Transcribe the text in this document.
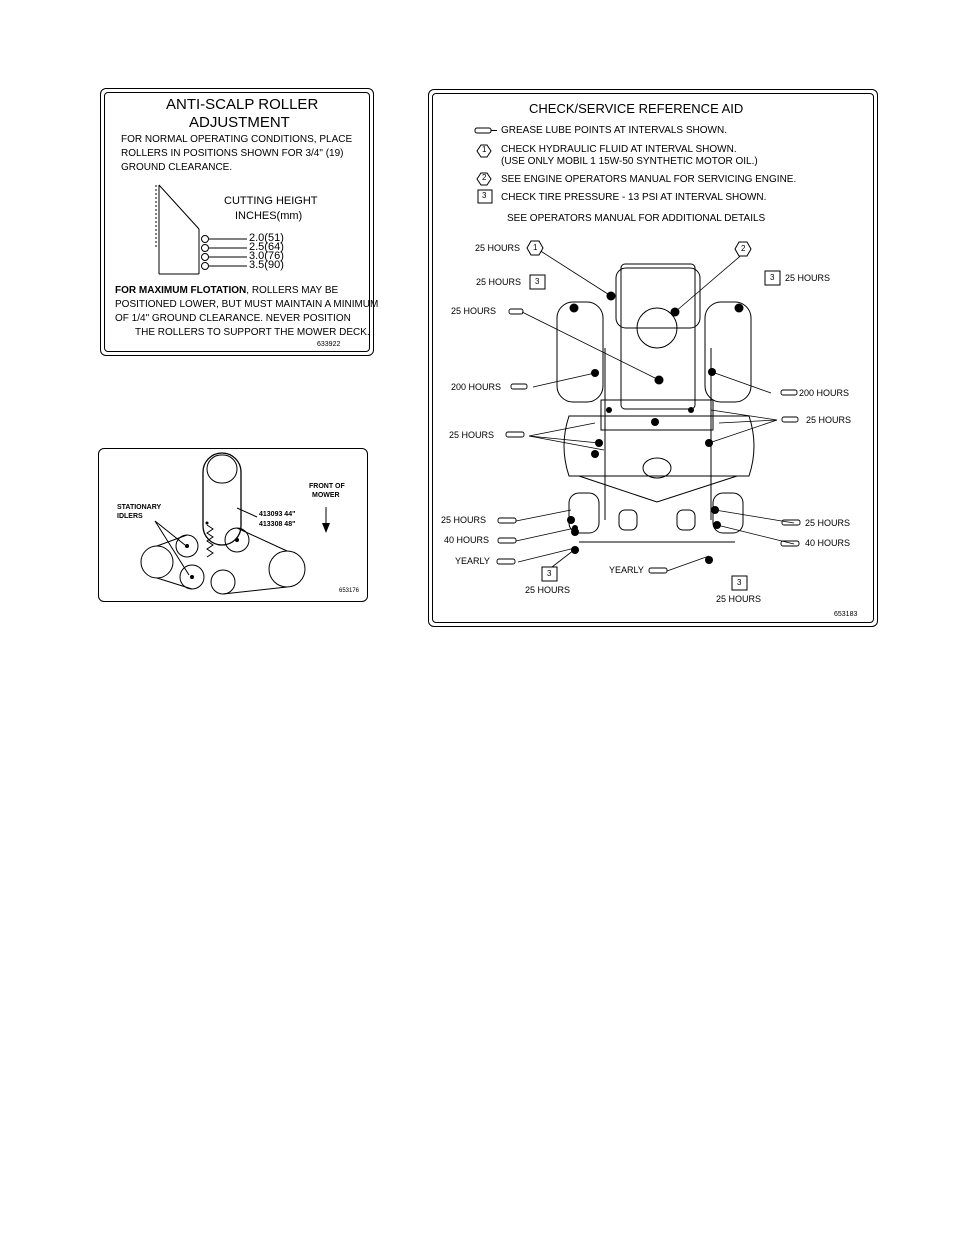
ANTI-SCALP ROLLER
ADJUSTMENT
FOR NORMAL OPERATING CONDITIONS, PLACE
ROLLERS IN POSITIONS SHOWN FOR 3/4" (19)
GROUND CLEARANCE.
CUTTING HEIGHT
INCHES(mm)
2.0(51)
2.5(64)
3.0(76)
3.5(90)
FOR MAXIMUM FLOTATION, ROLLERS MAY BE
POSITIONED LOWER, BUT MUST MAINTAIN A MINIMUM
OF 1/4" GROUND CLEARANCE. NEVER POSITION
THE ROLLERS TO SUPPORT THE MOWER DECK.
633922
STATIONARY
IDLERS	413093 44"
413308 48"
FRONT OF
MOWER
653176
CHECK/SERVICE REFERENCE AID
GREASE LUBE POINTS AT INTERVALS SHOWN.
1 CHECK HYDRAULIC FLUID AT INTERVAL SHOWN.
(USE ONLY MOBIL 1 15W-50 SYNTHETIC MOTOR OIL.)
2 SEE ENGINE OPERATORS MANUAL FOR SERVICING ENGINE.
3 CHECK TIRE PRESSURE - 13 PSI AT INTERVAL SHOWN.
SEE OPERATORS MANUAL FOR ADDITIONAL DETAILS
1	2
3	3
3
3
25 HOURS
25 HOURS	25 HOURS
25 HOURS
200 HOURS
200 HOURS
25 HOURS
25 HOURS
25 HOURS
40 HOURS
YEARLY
25 HOURS
40 HOURS
YEARLY
25 HOURS
25 HOURS
653183
